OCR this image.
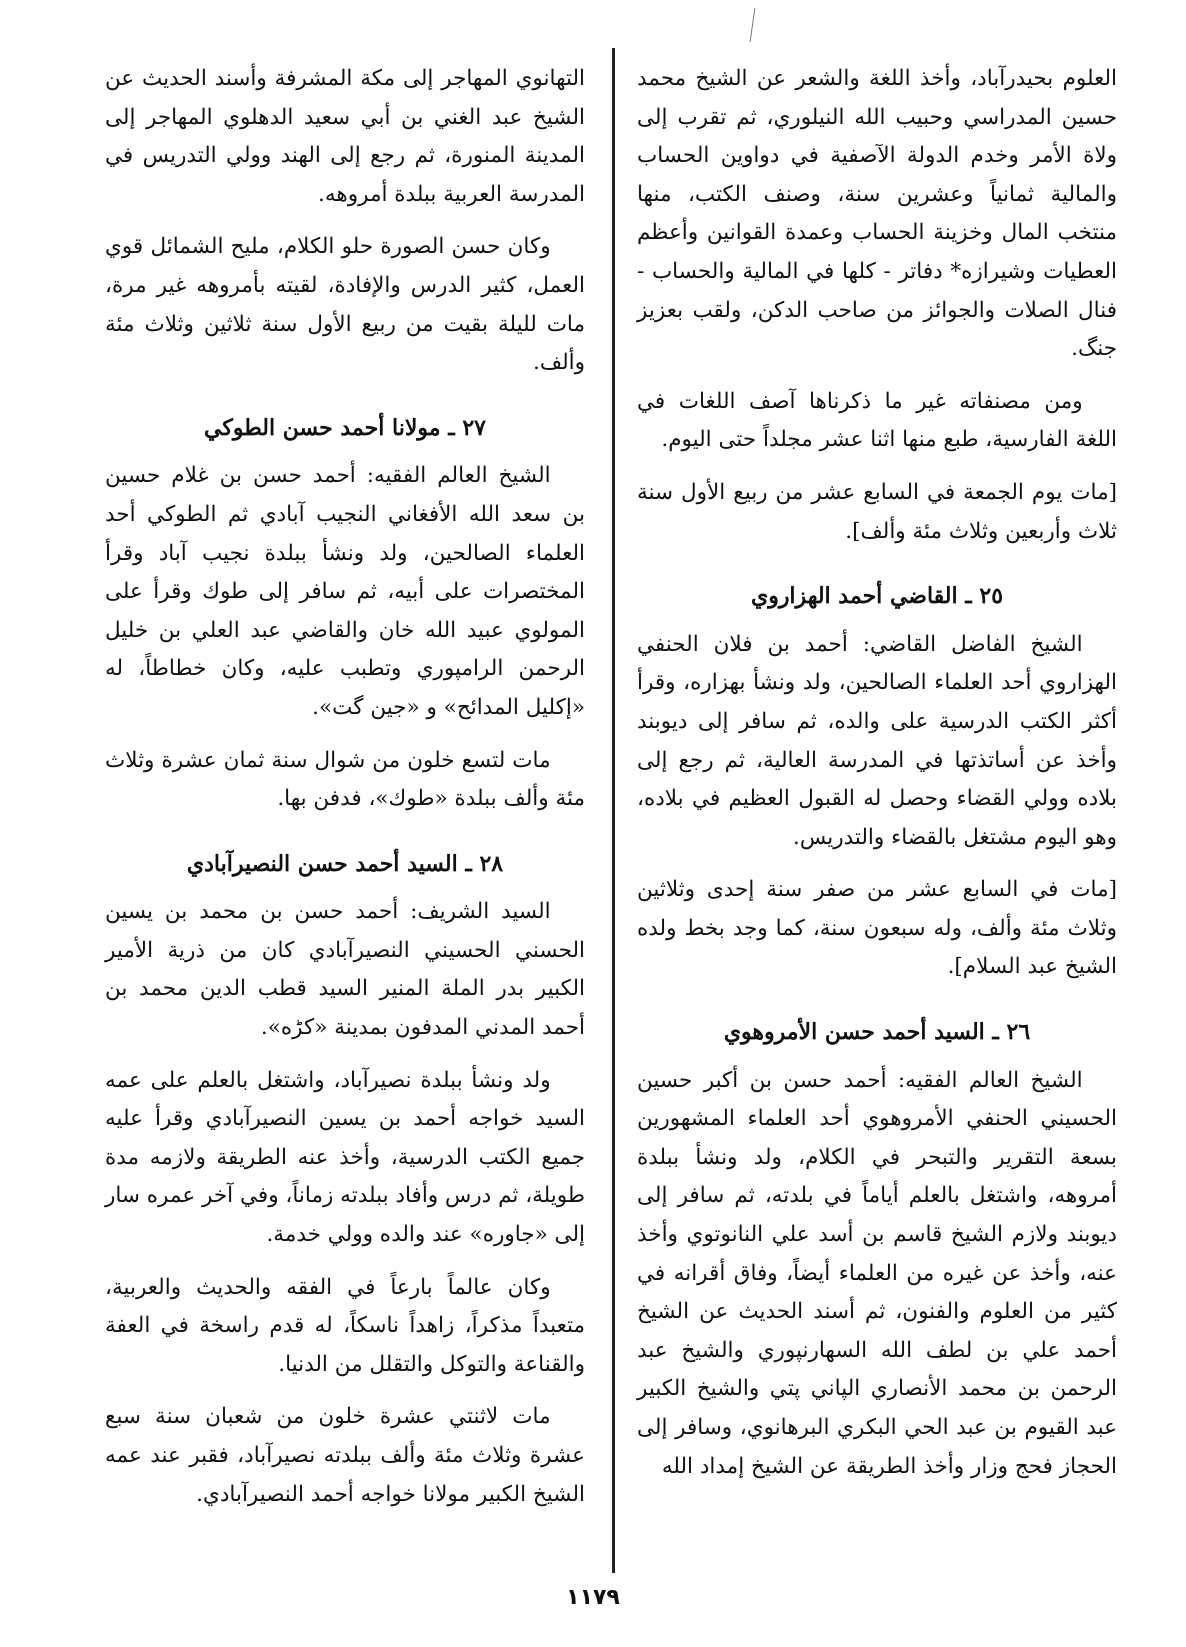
العلوم بحيدرآباد، وأخذ اللغة والشعر عن الشيخ محمد حسين المدراسي وحبيب الله النيلوري، ثم تقرب إلى ولاة الأمر وخدم الدولة الآصفية في دواوين الحساب والمالية ثمانياً وعشرين سنة، وصنف الكتب، منها منتخب المال وخزينة الحساب وعمدة القوانين وأعظم العطيات وشيرازه* دفاتر - كلها في المالية والحساب - فنال الصلات والجوائز من صاحب الدكن، ولقب بعزيز جنگ.

ومن مصنفاته غير ما ذكرناها آصف اللغات في اللغة الفارسية، طبع منها اثنا عشر مجلداً حتى اليوم.

[مات يوم الجمعة في السابع عشر من ربيع الأول سنة ثلاث وأربعين وثلاث مئة وألف].

٢٥ ـ القاضي أحمد الهزاروي

الشيخ الفاضل القاضي: أحمد بن فلان الحنفي الهزاروي أحد العلماء الصالحين، ولد ونشأ بهزاره، وقرأ أكثر الكتب الدرسية على والده، ثم سافر إلى ديوبند وأخذ عن أساتذتها في المدرسة العالية، ثم رجع إلى بلاده وولي القضاء وحصل له القبول العظيم في بلاده، وهو اليوم مشتغل بالقضاء والتدريس.

[مات في السابع عشر من صفر سنة إحدى وثلاثين وثلاث مئة وألف، وله سبعون سنة، كما وجد بخط ولده الشيخ عبد السلام].

٢٦ ـ السيد أحمد حسن الأمروهوي

الشيخ العالم الفقيه: أحمد حسن بن أكبر حسين الحسيني الحنفي الأمروهوي أحد العلماء المشهورين بسعة التقرير والتبحر في الكلام، ولد ونشأ ببلدة أمروهه، واشتغل بالعلم أياماً في بلدته، ثم سافر إلى ديوبند ولازم الشيخ قاسم بن أسد علي النانوتوي وأخذ عنه، وأخذ عن غيره من العلماء أيضاً، وفاق أقرانه في كثير من العلوم والفنون، ثم أسند الحديث عن الشيخ أحمد علي بن لطف الله السهارنپوري والشيخ عبد الرحمن بن محمد الأنصاري الپاني پتي والشيخ الكبير عبد القيوم بن عبد الحي البكري البرهانوي، وسافر إلى الحجاز فحج وزار وأخذ الطريقة عن الشيخ إمداد الله

التهانوي المهاجر إلى مكة المشرفة وأسند الحديث عن الشيخ عبد الغني بن أبي سعيد الدهلوي المهاجر إلى المدينة المنورة، ثم رجع إلى الهند وولي التدريس في المدرسة العربية ببلدة أمروهه.

وكان حسن الصورة حلو الكلام، مليح الشمائل قوي العمل، كثير الدرس والإفادة، لقيته بأمروهه غير مرة، مات لليلة بقيت من ربيع الأول سنة ثلاثين وثلاث مئة وألف.

٢٧ ـ مولانا أحمد حسن الطوكي

الشيخ العالم الفقيه: أحمد حسن بن غلام حسين بن سعد الله الأفغاني النجيب آبادي ثم الطوكي أحد العلماء الصالحين، ولد ونشأ ببلدة نجيب آباد وقرأ المختصرات على أبيه، ثم سافر إلى طوك وقرأ على المولوي عبيد الله خان والقاضي عبد العلي بن خليل الرحمن الرامپوري وتطبب عليه، وكان خطاطاً، له «إكليل المدائح» و «جين گت».

مات لتسع خلون من شوال سنة ثمان عشرة وثلاث مئة وألف ببلدة «طوك»، فدفن بها.

٢٨ ـ السيد أحمد حسن النصيرآبادي

السيد الشريف: أحمد حسن بن محمد بن يسين الحسني الحسيني النصيرآبادي كان من ذرية الأمير الكبير بدر الملة المنير السيد قطب الدين محمد بن أحمد المدني المدفون بمدينة «كڑه».

ولد ونشأ ببلدة نصيرآباد، واشتغل بالعلم على عمه السيد خواجه أحمد بن يسين النصيرآبادي وقرأ عليه جميع الكتب الدرسية، وأخذ عنه الطريقة ولازمه مدة طويلة، ثم درس وأفاد ببلدته زماناً، وفي آخر عمره سار إلى «جاوره» عند والده وولي خدمة.

وكان عالماً بارعاً في الفقه والحديث والعربية، متعبداً مذكراً، زاهداً ناسكاً، له قدم راسخة في العفة والقناعة والتوكل والتقلل من الدنيا.

مات لاثنتي عشرة خلون من شعبان سنة سبع عشرة وثلاث مئة وألف ببلدته نصيرآباد، فقبر عند عمه الشيخ الكبير مولانا خواجه أحمد النصيرآبادي.

١١٧٩
